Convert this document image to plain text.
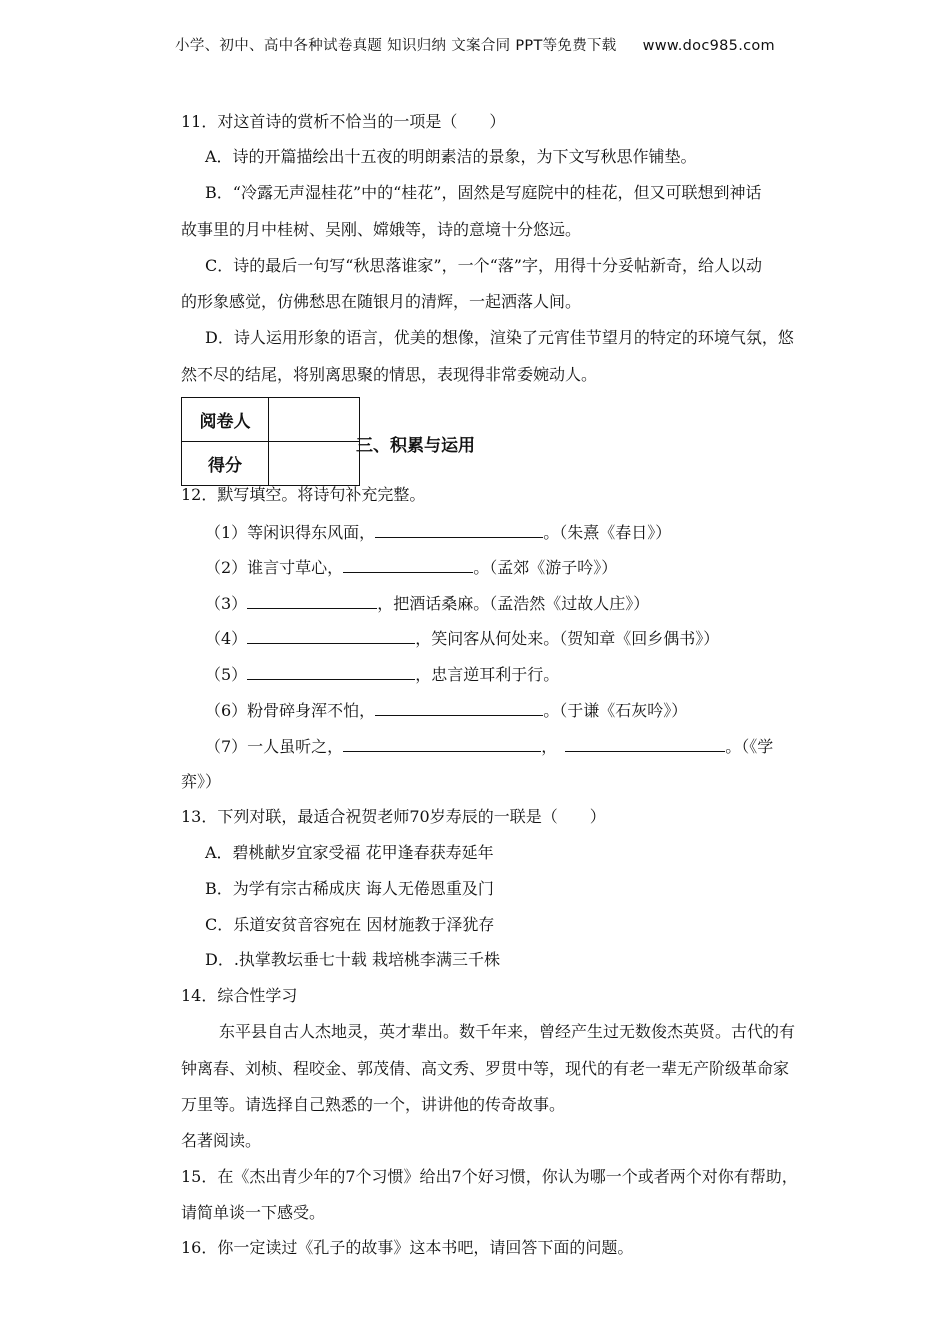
小学、初中、高中各种试卷真题 知识归纳 文案合同 PPT等免费下载 www.doc985.com
11．对这首诗的赏析不恰当的一项是（　　）
A．诗的开篇描绘出十五夜的明朗素洁的景象，为下文写秋思作铺垫。
B．“冷露无声湿桂花”中的“桂花”，固然是写庭院中的桂花，但又可联想到神话
故事里的月中桂树、吴刚、嫦娥等，诗的意境十分悠远。
C．诗的最后一句写“秋思落谁家”，一个“落”字，用得十分妥帖新奇，给人以动
的形象感觉，仿佛愁思在随银月的清辉，一起洒落人间。
D．诗人运用形象的语言，优美的想像，渲染了元宵佳节望月的特定的环境气氛，悠
然不尽的结尾，将别离思聚的情思，表现得非常委婉动人。
阅卷人	
得分	
三、积累与运用
12．默写填空。将诗句补充完整。
（1）等闲识得东风面，	。（朱熹《春日》）
（2）谁言寸草心，	。（孟郊《游子吟》）
（3）	，把酒话桑麻。（孟浩然《过故人庄》）
（4）	，笑问客从何处来。（贺知章《回乡偶书》）
（5）	，忠言逆耳利于行。
（6）粉骨碎身浑不怕，	。（于谦《石灰吟》）
（7）一人虽听之，	，	。（《学
弈》）
13．下列对联，最适合祝贺老师70岁寿辰的一联是（　　）
A．碧桃献岁宜家受福 花甲逢春获寿延年
B．为学有宗古稀成庆 诲人无倦恩重及门
C．乐道安贫音容宛在 因材施教于泽犹存
D．.执掌教坛垂七十载 栽培桃李满三千株
14．综合性学习
东平县自古人杰地灵，英才辈出。数千年来，曾经产生过无数俊杰英贤。古代的有
钟离春、刘桢、程咬金、郭茂倩、高文秀、罗贯中等，现代的有老一辈无产阶级革命家
万里等。请选择自己熟悉的一个，讲讲他的传奇故事。
名著阅读。
15．在《杰出青少年的7个习惯》给出7个好习惯，你认为哪一个或者两个对你有帮助，
请简单谈一下感受。
16．你一定读过《孔子的故事》这本书吧，请回答下面的问题。
